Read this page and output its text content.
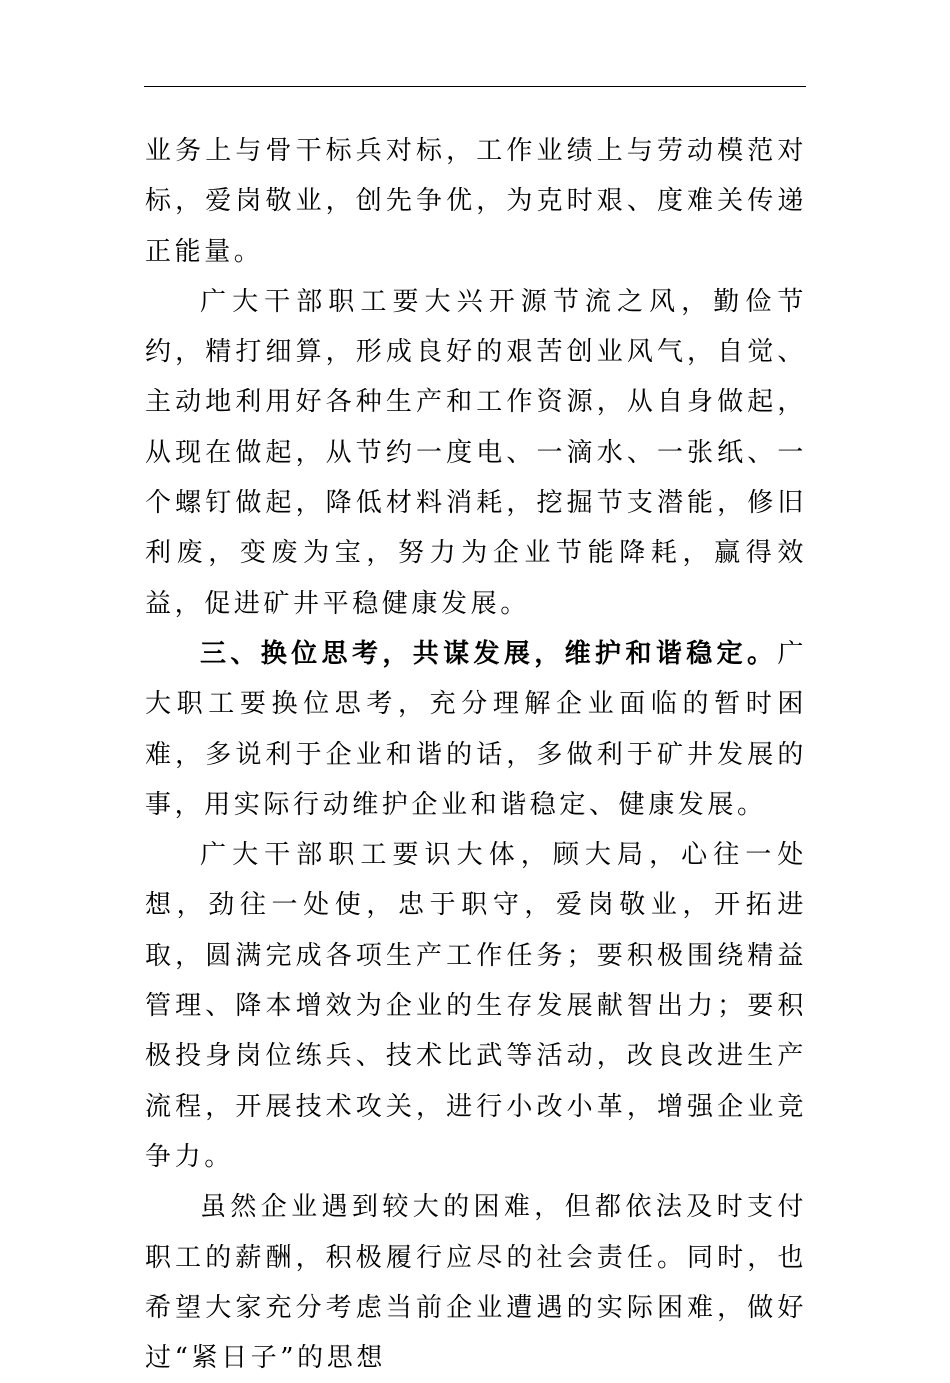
业务上与骨干标兵对标，工作业绩上与劳动模范对标，爱岗敬业，创先争优，为克时艰、度难关传递正能量。

广大干部职工要大兴开源节流之风，勤俭节约，精打细算，形成良好的艰苦创业风气，自觉、主动地利用好各种生产和工作资源，从自身做起，从现在做起，从节约一度电、一滴水、一张纸、一个螺钉做起，降低材料消耗，挖掘节支潜能，修旧利废，变废为宝，努力为企业节能降耗，赢得效益，促进矿井平稳健康发展。

三、换位思考，共谋发展，维护和谐稳定。广大职工要换位思考，充分理解企业面临的暂时困难，多说利于企业和谐的话，多做利于矿井发展的事，用实际行动维护企业和谐稳定、健康发展。

广大干部职工要识大体，顾大局，心往一处想，劲往一处使，忠于职守，爱岗敬业，开拓进取，圆满完成各项生产工作任务；要积极围绕精益管理、降本增效为企业的生存发展献智出力；要积极投身岗位练兵、技术比武等活动，改良改进生产流程，开展技术攻关，进行小改小革，增强企业竞争力。

虽然企业遇到较大的困难，但都依法及时支付职工的薪酬，积极履行应尽的社会责任。同时，也希望大家充分考虑当前企业遭遇的实际困难，做好过“紧日子”的思想
